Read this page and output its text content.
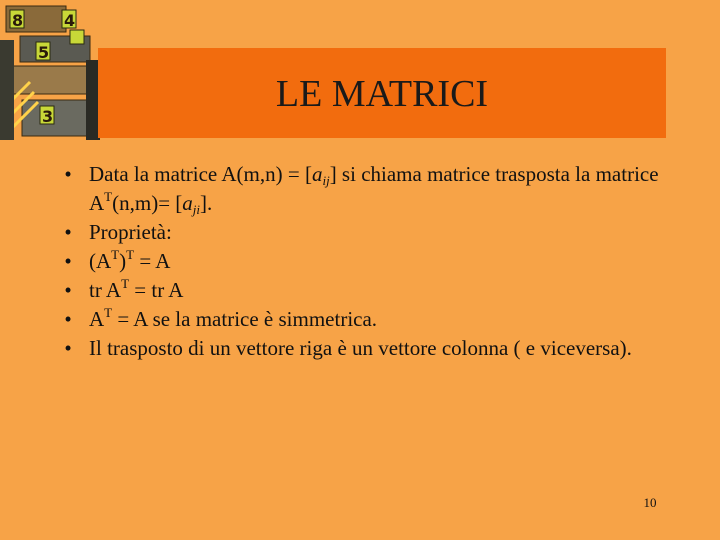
8	4
5
3
LE MATRICI
• Data la matrice $A(m,n) = [a_{ij}]$ si chiama matrice trasposta la matrice $A^T(n,m)= [a_{ji}]$.
• Proprietà:
• $(A^T)^T = A$
• tr $A^T$ = tr A
• $A^T = A$ se la matrice è simmetrica.
• Il trasposto di un vettore riga è un vettore colonna ( e viceversa).
10
